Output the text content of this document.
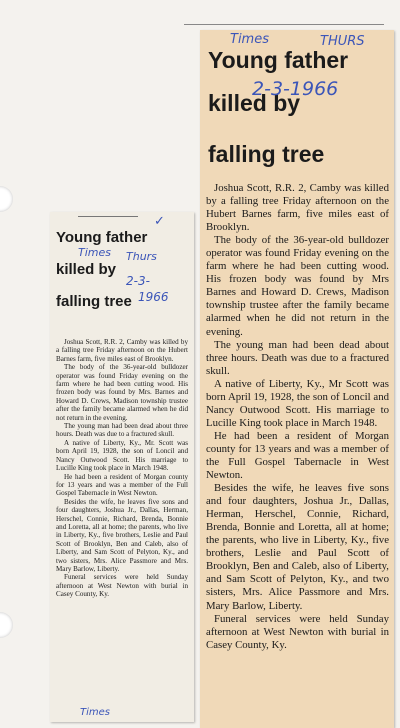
✓
Young father
killed by
falling tree
Times Thurs
2-3-
1966

Joshua Scott, R.R. 2, Camby was killed by a falling tree Friday afternoon on the Hubert Barnes farm, five miles east of Brooklyn.

The body of the 36-year-old bulldozer operator was found Friday evening on the farm where he had been cutting wood. His frozen body was found by Mrs. Barnes and Howard D. Crews, Madison township trustee after the family became alarmed when he did not return in the evening.

The young man had been dead about three hours. Death was due to a fractured skull.

A native of Liberty, Ky., Mr. Scott was born April 19, 1928, the son of Loncil and Nancy Outwood Scott. His marriage to Lucille King took place in March 1948.

He had been a resident of Morgan county for 13 years and was a member of the Full Gospel Tabernacle in West Newton.

Besides the wife, he leaves five sons and four daughters, Joshua Jr., Dallas, Herman, Herschel, Connie, Richard, Brenda, Bonnie and Loretta, all at home; the parents, who live in Liberty, Ky., five brothers, Leslie and Paul Scott of Brooklyn, Ben and Caleb, also of Liberty, and Sam Scott of Pelyton, Ky., and two sisters, Mrs. Alice Passmore and Mrs. Mary Barlow, Liberty.

Funeral services were held Sunday afternoon at West Newton with burial in Casey County, Ky.

Times
Times	THURS
Young father
killed by
falling tree
2-3-1966

Joshua Scott, R.R. 2, Camby was killed by a falling tree Friday afternoon on the Hubert Barnes farm, five miles east of Brooklyn.

The body of the 36-year-old bulldozer operator was found Friday evening on the farm where he had been cutting wood. His frozen body was found by Mrs Barnes and Howard D. Crews, Madison township trustee after the family became alarmed when he did not return in the evening.

The young man had been dead about three hours. Death was due to a fractured skull.

A native of Liberty, Ky., Mr Scott was born April 19, 1928, the son of Loncil and Nancy Outwood Scott. His marriage to Lucille King took place in March 1948.

He had been a resident of Morgan county for 13 years and was a member of the Full Gospel Tabernacle in West Newton.

Besides the wife, he leaves five sons and four daughters, Joshua Jr., Dallas, Herman, Herschel, Connie, Richard, Brenda, Bonnie and Loretta, all at home; the parents, who live in Liberty, Ky., five brothers, Leslie and Paul Scott of Brooklyn, Ben and Caleb, also of Liberty, and Sam Scott of Pelyton, Ky., and two sisters, Mrs. Alice Passmore and Mrs. Mary Barlow, Liberty.

Funeral services were held Sunday afternoon at West Newton with burial in Casey County, Ky.
